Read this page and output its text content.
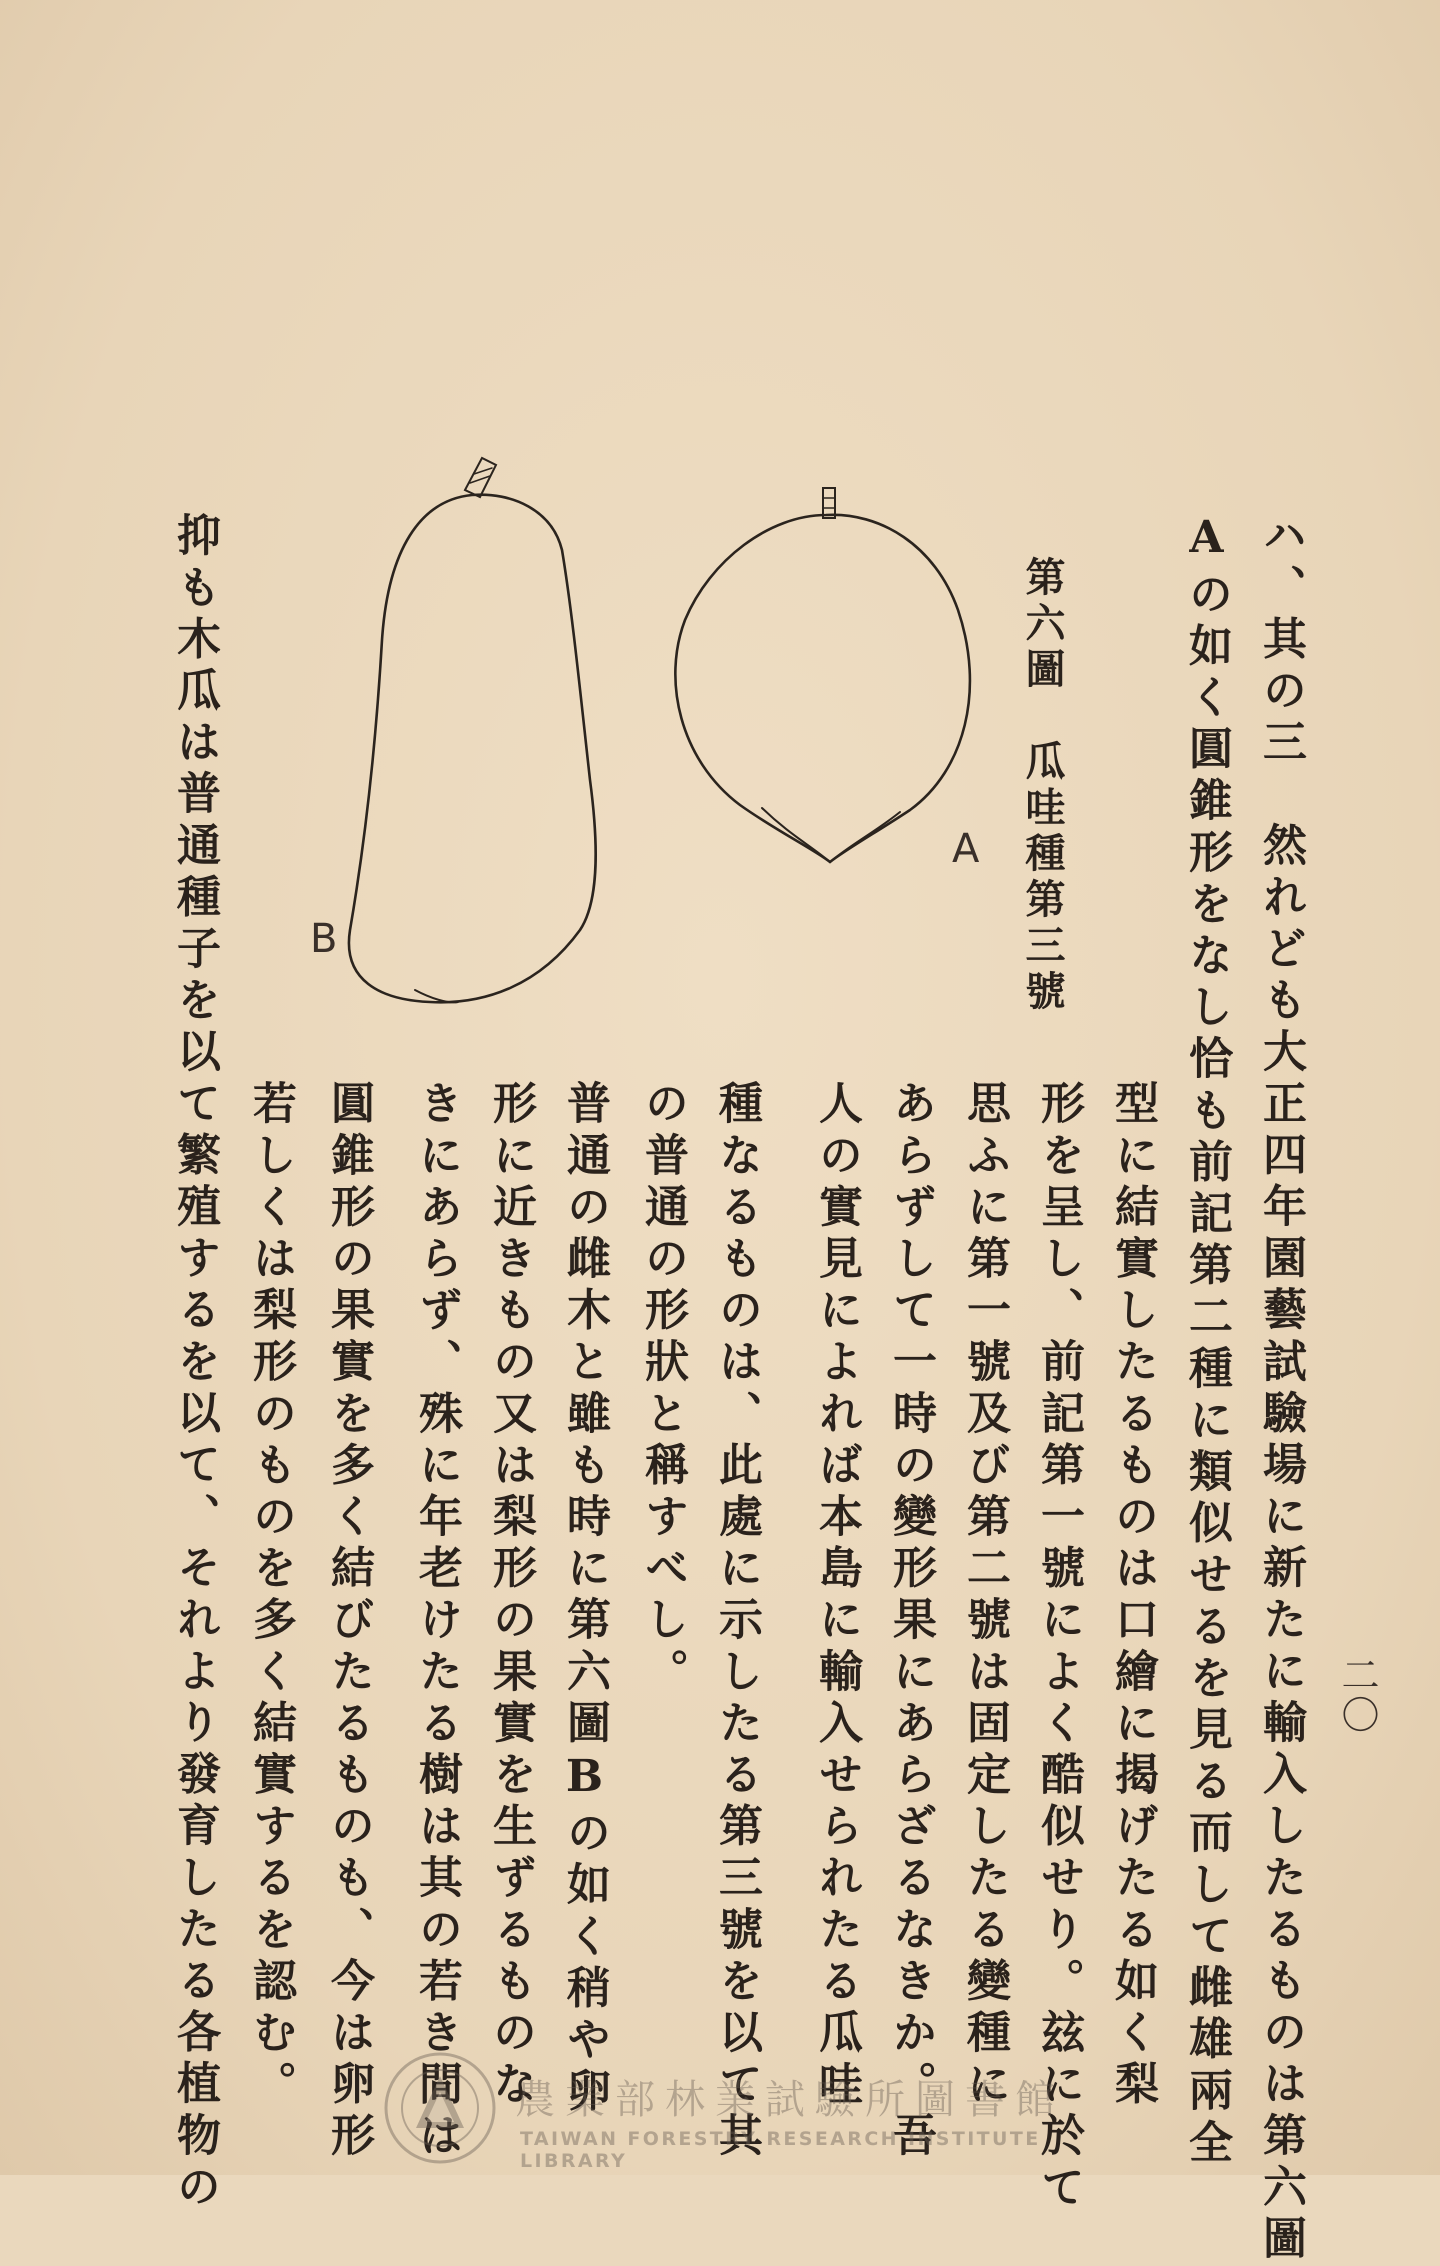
二〇
ハ、其の三　然れども大正四年園藝試驗場に新たに輸入したるものは第六圖
Aの如く圓錐形をなし恰も前記第二種に類似せるを見る而して雌雄兩全
型に結實したるものは口繪に揭げたる如く梨
形を呈し、前記第一號によく酷似せり。玆に於て
思ふに第一號及び第二號は固定したる變種に
あらずして一時の變形果にあらざるなきか。吾
人の實見によれば本島に輸入せられたる瓜哇
種なるものは、此處に示したる第三號を以て其
の普通の形狀と稱すべし。
普通の雌木と雖も時に第六圖Bの如く稍や卵
形に近きもの又は梨形の果實を生ずるものな
きにあらず、殊に年老けたる樹は其の若き間は
圓錐形の果實を多く結びたるものも、今は卵形
若しくは梨形のものを多く結實するを認む。
抑も木瓜は普通種子を以て繁殖するを以て、それより發育したる各植物の	第六圖　瓜哇種第三號
A
B
農業部林業試驗所圖書館
TAIWAN FORESTRY RESEARCH INSTITUTE LIBRARY
